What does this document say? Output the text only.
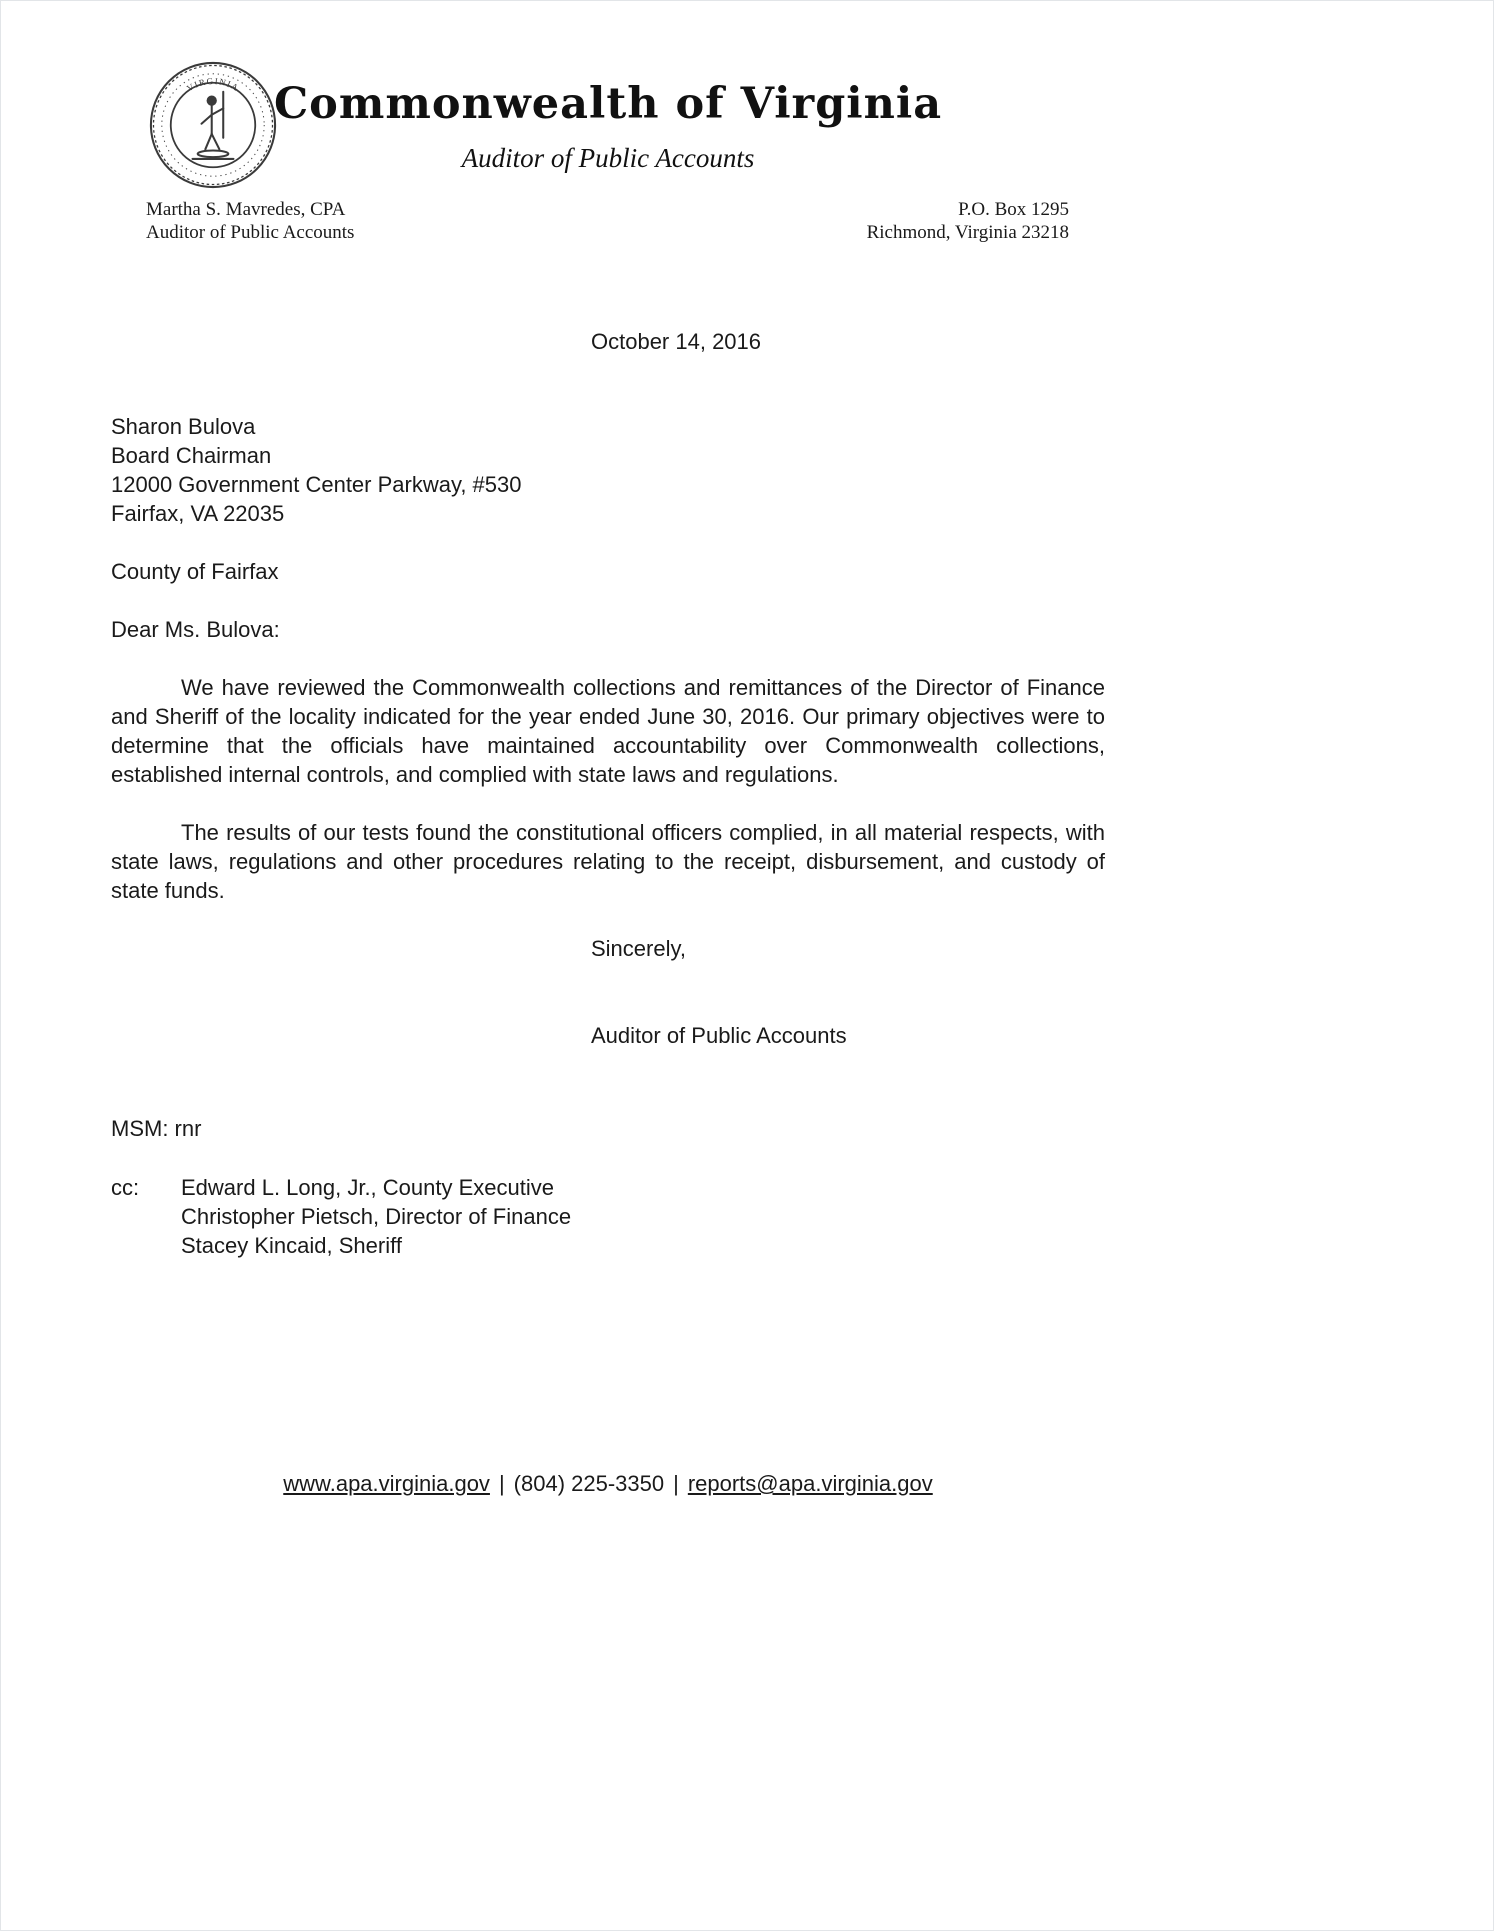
VIRGINIA Commonwealth of Virginia
Auditor of Public Accounts
Martha S. Mavredes, CPA
Auditor of Public Accounts
P.O. Box 1295
Richmond, Virginia 23218
October 14, 2016
Sharon Bulova
Board Chairman
12000 Government Center Parkway, #530
Fairfax, VA 22035
County of Fairfax
Dear Ms. Bulova:
We have reviewed the Commonwealth collections and remittances of the Director of Finance and Sheriff of the locality indicated for the year ended June 30, 2016. Our primary objectives were to determine that the officials have maintained accountability over Commonwealth collections, established internal controls, and complied with state laws and regulations.
The results of our tests found the constitutional officers complied, in all material respects, with state laws, regulations and other procedures relating to the receipt, disbursement, and custody of state funds.
Sincerely,
Auditor of Public Accounts
MSM: rnr
cc:	Edward L. Long, Jr., County Executive
Christopher Pietsch, Director of Finance
Stacey Kincaid, Sheriff
www.apa.virginia.gov | (804) 225-3350 | reports@apa.virginia.gov
